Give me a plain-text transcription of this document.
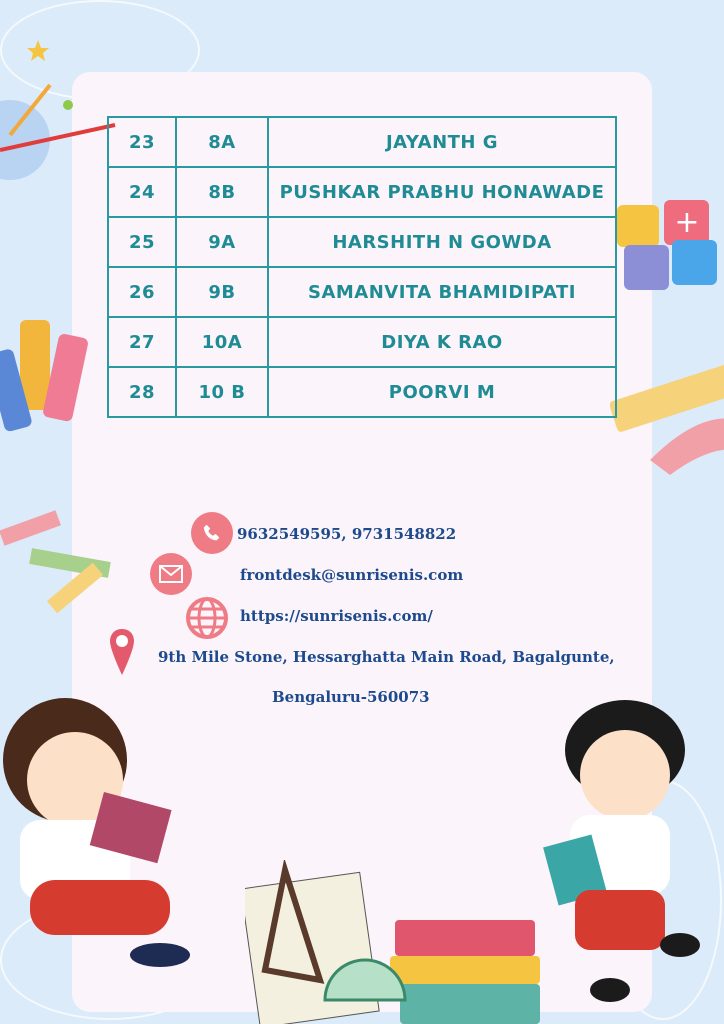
+
23	8A	JAYANTH G
24	8B	PUSHKAR PRABHU HONAWADE
25	9A	HARSHITH N GOWDA
26	9B	SAMANVITA BHAMIDIPATI
27	10A	DIYA K RAO
28	10 B	POORVI M
9632549595, 9731548822
frontdesk@sunrisenis.com
https://sunrisenis.com/
9th Mile Stone, Hessarghatta Main Road, Bagalgunte,
Bengaluru-560073
